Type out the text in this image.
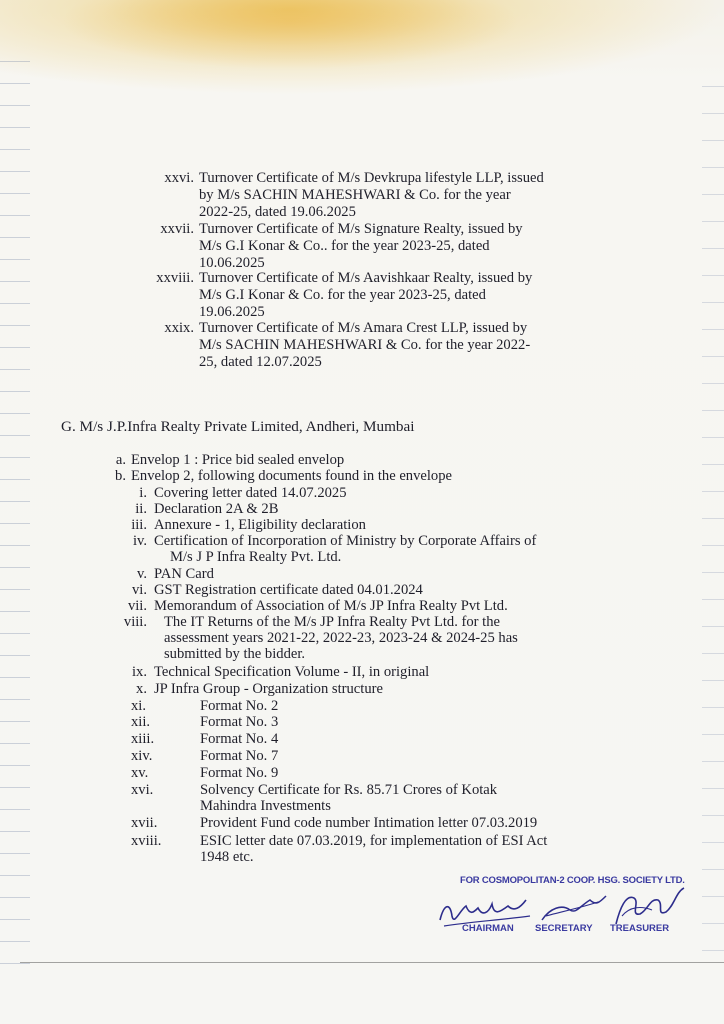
xxvi. Turnover Certificate of M/s Devkrupa lifestyle LLP, issued
by M/s SACHIN MAHESHWARI & Co. for the year
2022-25, dated 19.06.2025
xxvii. Turnover Certificate of M/s Signature Realty, issued by
M/s G.I Konar & Co.. for the year 2023-25, dated
10.06.2025
xxviii. Turnover Certificate of M/s Aavishkaar Realty, issued by
M/s G.I Konar & Co. for the year 2023-25, dated
19.06.2025
xxix. Turnover Certificate of M/s Amara Crest LLP, issued by
M/s SACHIN MAHESHWARI & Co. for the year 2022-
25, dated 12.07.2025
G. M/s J.P.Infra Realty Private Limited, Andheri, Mumbai
a. Envelop 1 : Price bid sealed envelop
b. Envelop 2, following documents found in the envelope
i. Covering letter dated 14.07.2025
ii. Declaration 2A & 2B
iii. Annexure - 1, Eligibility declaration
iv. Certification of Incorporation of Ministry by Corporate Affairs of
M/s J P Infra Realty Pvt. Ltd.
v. PAN Card
vi. GST Registration certificate dated 04.01.2024
vii. Memorandum of Association of M/s JP Infra Realty Pvt Ltd.
viii. The IT Returns of the M/s JP Infra Realty Pvt Ltd. for the
assessment years 2021-22, 2022-23, 2023-24 & 2024-25 has
submitted by the bidder.
ix. Technical Specification Volume - II, in original
x. JP Infra Group - Organization structure
xi.	Format No. 2
xii.	Format No. 3
xiii.	Format No. 4
xiv.	Format No. 7
xv.	Format No. 9
xvi.	Solvency Certificate for Rs. 85.71 Crores of Kotak
Mahindra Investments
xvii.	Provident Fund code number Intimation letter 07.03.2019
xviii.	ESIC letter date 07.03.2019, for implementation of ESI Act
1948 etc.
FOR COSMOPOLITAN-2 COOP. HSG. SOCIETY LTD.
CHAIRMAN SECRETARY TREASURER
